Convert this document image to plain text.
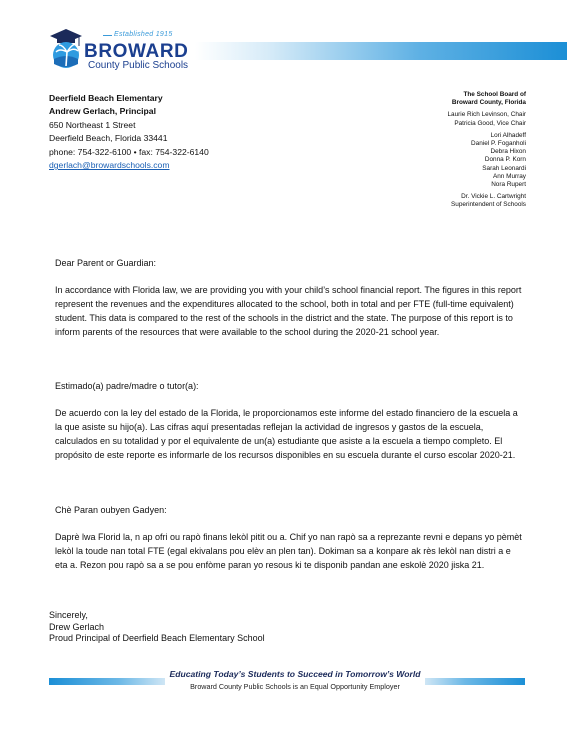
Established 1915
BROWARD
County Public Schools
Deerfield Beach Elementary
Andrew Gerlach, Principal
650 Northeast 1 Street
Deerfield Beach, Florida 33441
phone: 754-322-6100 • fax: 754-322-6140
dgerlach@browardschools.com
The School Board of
Broward County, Florida
Laurie Rich Levinson, Chair
Patricia Good, Vice Chair
Lori Alhadeff
Daniel P. Foganholi
Debra Hixon
Donna P. Korn
Sarah Leonardi
Ann Murray
Nora Rupert
Dr. Vickie L. Cartwright
Superintendent of Schools
Dear Parent or Guardian:
In accordance with Florida law, we are providing you with your child’s school financial report. The figures in this report represent the revenues and the expenditures allocated to the school, both in total and per FTE (full-time equivalent) student. This data is compared to the rest of the schools in the district and the state. The purpose of this report is to inform parents of the resources that were available to the school during the 2020-21 school year.
Estimado(a) padre/madre o tutor(a):
De acuerdo con la ley del estado de la Florida, le proporcionamos este informe del estado financiero de la escuela a la que asiste su hijo(a). Las cifras aquí presentadas reflejan la actividad de ingresos y gastos de la escuela, calculados en su totalidad y por el equivalente de un(a) estudiante que asiste a la escuela a tiempo completo. El propósito de este reporte es informarle de los recursos disponibles en su escuela durante el curso escolar 2020-21.
Chè Paran oubyen Gadyen:
Daprè lwa Florid la, n ap ofri ou rapò finans lekòl pitit ou a. Chif yo nan rapò sa a reprezante revni e depans yo pèmèt lekòl la toude nan total FTE (egal ekivalans pou elèv an plen tan). Dokiman sa a konpare ak rès lekòl nan distri a e eta a. Rezon pou rapò sa a se pou enfòme paran yo resous ki te disponib pandan ane eskolè 2020 jiska 21.
Sincerely,
Drew Gerlach
Proud Principal of Deerfield Beach Elementary School
Educating Today’s Students to Succeed in Tomorrow’s World
Broward County Public Schools is an Equal Opportunity Employer
